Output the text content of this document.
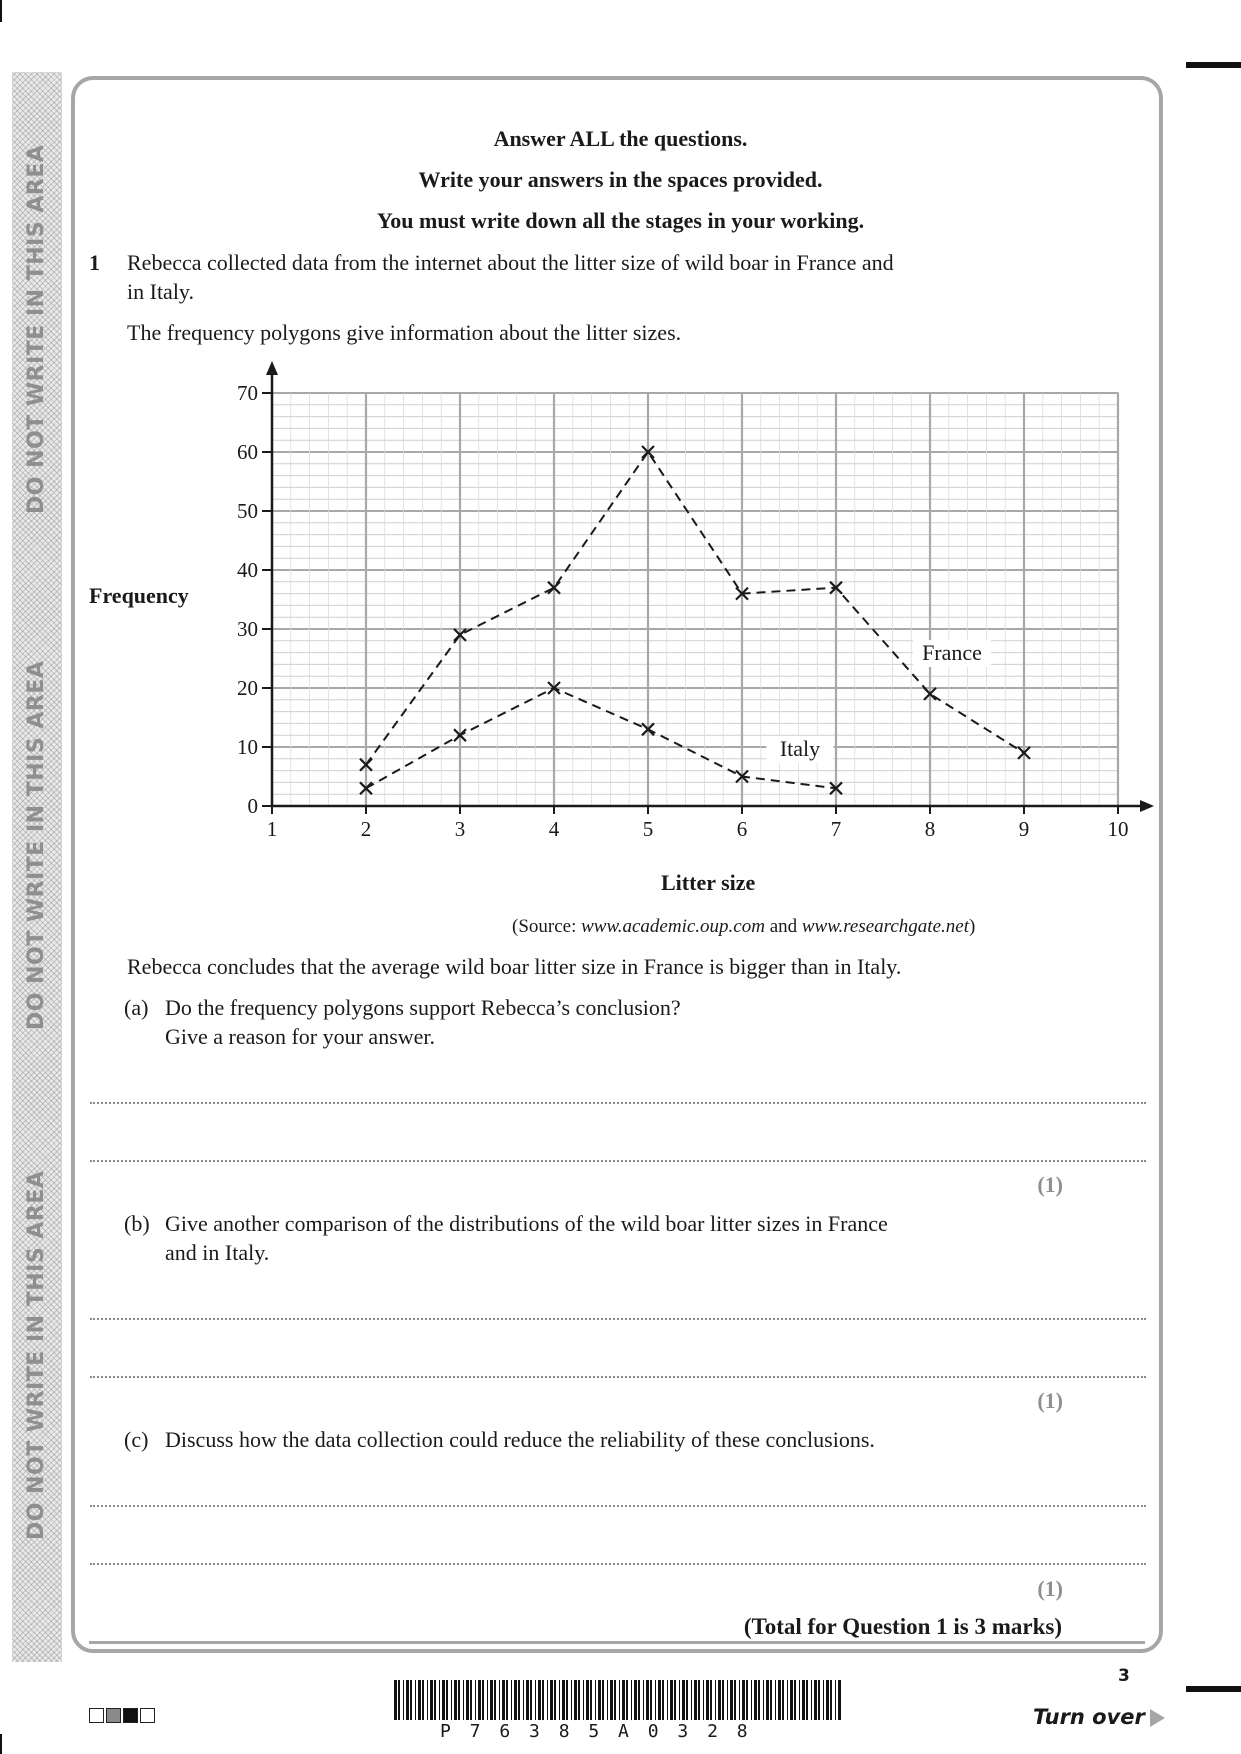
DO NOT WRITE IN THIS AREA
DO NOT WRITE IN THIS AREA
DO NOT WRITE IN THIS AREA
Answer ALL the questions.
Write your answers in the spaces provided.
You must write down all the stages in your working.
1 Rebecca collected data from the internet about the litter size of wild boar in France and
in Italy.
The frequency polygons give information about the litter sizes.
Frequency
0
10
20
30
40
50
60
70
1	2	3	4	5	6	7	8	9	10
France
Italy
Litter size
(Source: www.academic.oup.com and www.researchgate.net)
Rebecca concludes that the average wild boar litter size in France is bigger than in Italy.
(a) Do the frequency polygons support Rebecca’s conclusion?
Give a reason for your answer.
(1)
(b) Give another comparison of the distributions of the wild boar litter sizes in France
and in Italy.
(1)
(c) Discuss how the data collection could reduce the reliability of these conclusions.
(1)
(Total for Question 1 is 3 marks)
3
P 7 6 3 8 5 A 0 3 2 8
Turn over
